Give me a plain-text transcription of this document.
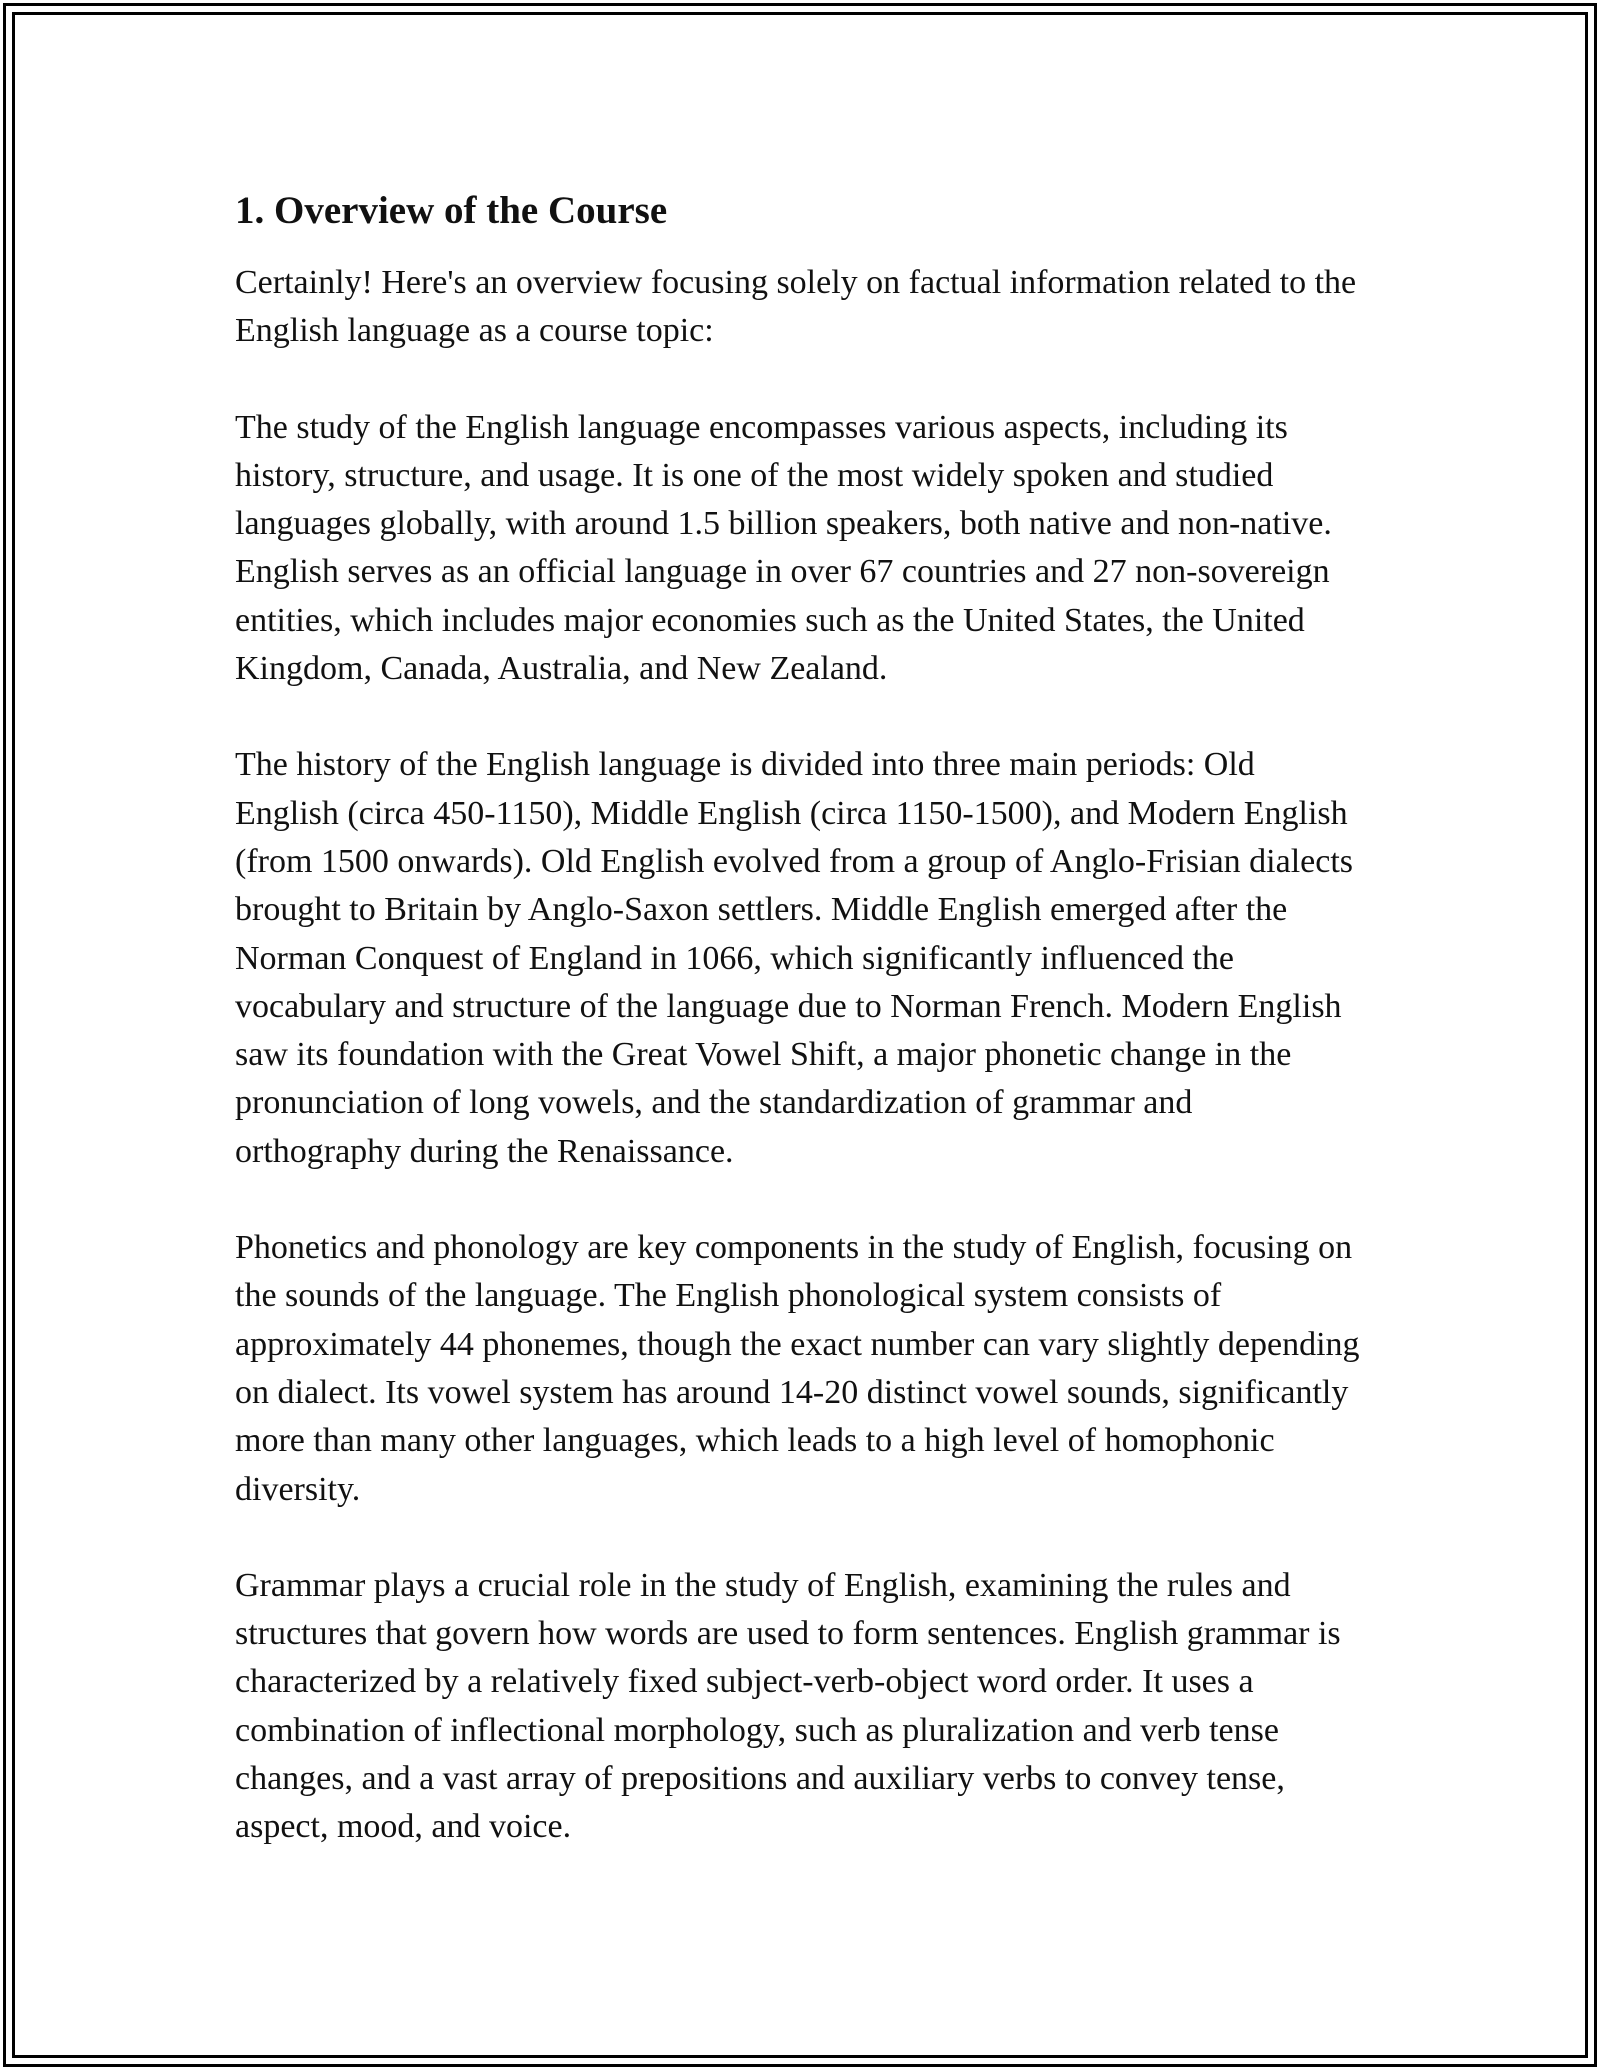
1. Overview of the Course

Certainly! Here's an overview focusing solely on factual information related to the English language as a course topic:

The study of the English language encompasses various aspects, including its history, structure, and usage. It is one of the most widely spoken and studied languages globally, with around 1.5 billion speakers, both native and non-native. English serves as an official language in over 67 countries and 27 non-sovereign entities, which includes major economies such as the United States, the United Kingdom, Canada, Australia, and New Zealand.

The history of the English language is divided into three main periods: Old English (circa 450-1150), Middle English (circa 1150-1500), and Modern English (from 1500 onwards). Old English evolved from a group of Anglo-Frisian dialects brought to Britain by Anglo-Saxon settlers. Middle English emerged after the Norman Conquest of England in 1066, which significantly influenced the vocabulary and structure of the language due to Norman French. Modern English saw its foundation with the Great Vowel Shift, a major phonetic change in the pronunciation of long vowels, and the standardization of grammar and orthography during the Renaissance.

Phonetics and phonology are key components in the study of English, focusing on the sounds of the language. The English phonological system consists of approximately 44 phonemes, though the exact number can vary slightly depending on dialect. Its vowel system has around 14-20 distinct vowel sounds, significantly more than many other languages, which leads to a high level of homophonic diversity.

Grammar plays a crucial role in the study of English, examining the rules and structures that govern how words are used to form sentences. English grammar is characterized by a relatively fixed subject-verb-object word order. It uses a combination of inflectional morphology, such as pluralization and verb tense changes, and a vast array of prepositions and auxiliary verbs to convey tense, aspect, mood, and voice.
